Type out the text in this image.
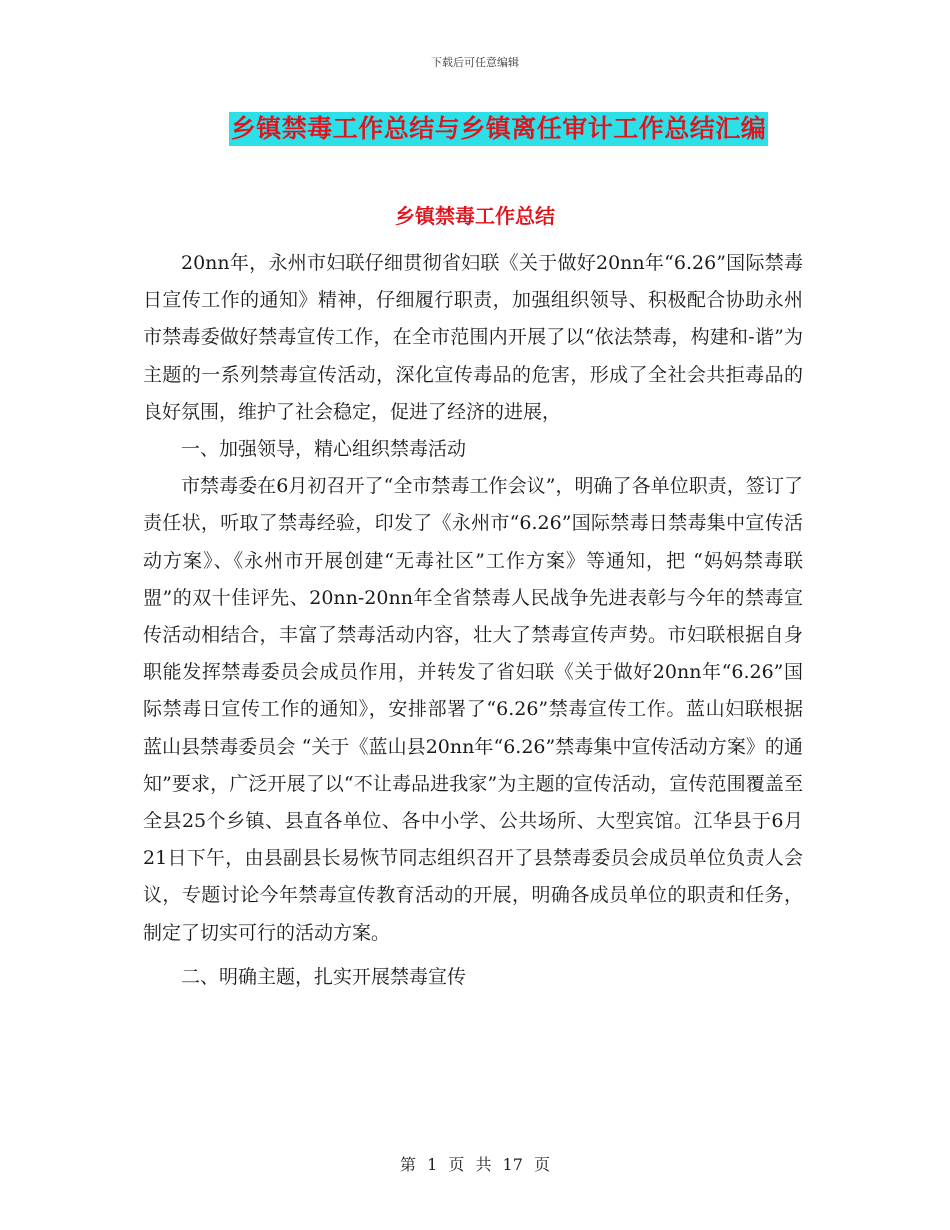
下载后可任意编辑
乡镇禁毒工作总结与乡镇离任审计工作总结汇编
乡镇禁毒工作总结

20nn年，永州市妇联仔细贯彻省妇联《关于做好20nn年“6.26”国际禁毒日宣传工作的通知》精神，仔细履行职责，加强组织领导、积极配合协助永州市禁毒委做好禁毒宣传工作，在全市范围内开展了以“依法禁毒，构建和-谐”为主题的一系列禁毒宣传活动，深化宣传毒品的危害，形成了全社会共拒毒品的良好氛围，维护了社会稳定，促进了经济的进展，

一、加强领导，精心组织禁毒活动

市禁毒委在6月初召开了“全市禁毒工作会议”，明确了各单位职责，签订了责任状，听取了禁毒经验，印发了《永州市“6.26”国际禁毒日禁毒集中宣传活动方案》、《永州市开展创建“无毒社区”工作方案》等通知，把 “妈妈禁毒联盟”的双十佳评先、20nn-20nn年全省禁毒人民战争先进表彰与今年的禁毒宣传活动相结合，丰富了禁毒活动内容，壮大了禁毒宣传声势。市妇联根据自身职能发挥禁毒委员会成员作用，并转发了省妇联《关于做好20nn年“6.26”国际禁毒日宣传工作的通知》，安排部署了“6.26”禁毒宣传工作。蓝山妇联根据蓝山县禁毒委员会 “关于《蓝山县20nn年“6.26”禁毒集中宣传活动方案》的通知”要求，广泛开展了以“不让毒品进我家”为主题的宣传活动，宣传范围覆盖至全县25个乡镇、县直各单位、各中小学、公共场所、大型宾馆。江华县于6月21日下午，由县副县长易恢节同志组织召开了县禁毒委员会成员单位负责人会议，专题讨论今年禁毒宣传教育活动的开展，明确各成员单位的职责和任务，制定了切实可行的活动方案。

二、明确主题，扎实开展禁毒宣传

第 1 页 共 17 页
